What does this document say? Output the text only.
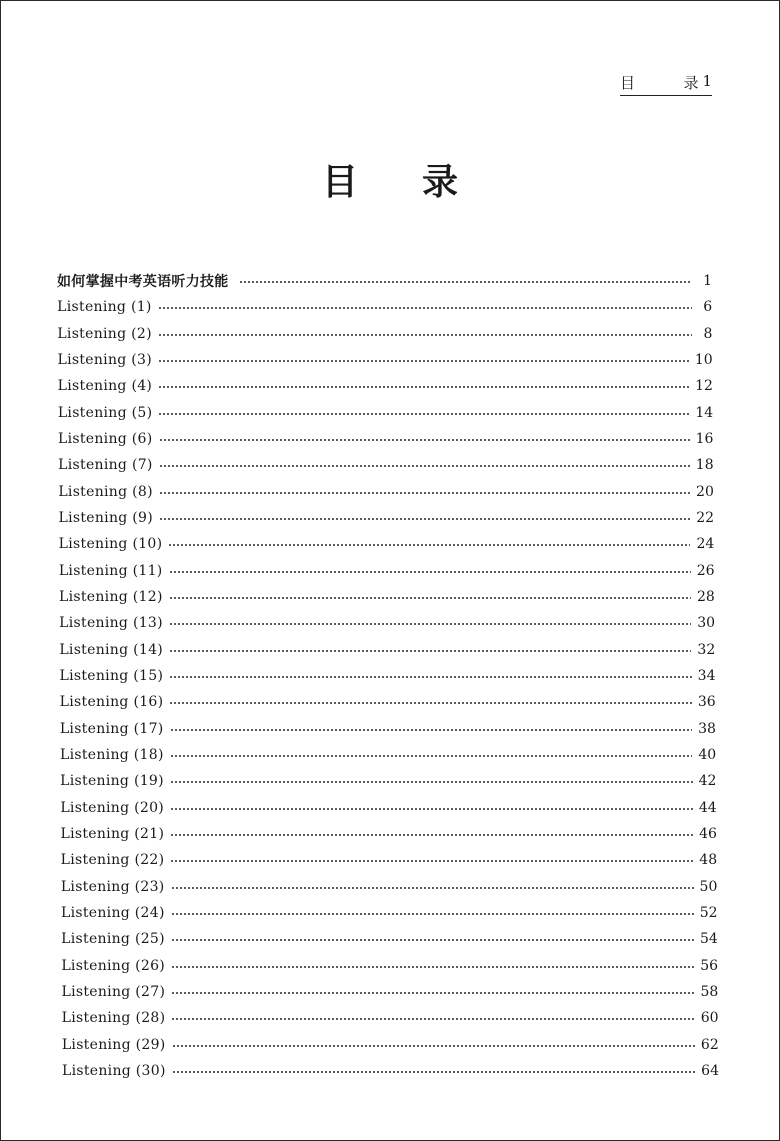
目	录 1
目录
如何掌握中考英语听力技能	1
Listening (1)	6
Listening (2)	8
Listening (3)	10
Listening (4)	12
Listening (5)	14
Listening (6)	16
Listening (7)	18
Listening (8)	20
Listening (9)	22
Listening (10)	24
Listening (11)	26
Listening (12)	28
Listening (13)	30
Listening (14)	32
Listening (15)	34
Listening (16)	36
Listening (17)	38
Listening (18)	40
Listening (19)	42
Listening (20)	44
Listening (21)	46
Listening (22)	48
Listening (23)	50
Listening (24)	52
Listening (25)	54
Listening (26)	56
Listening (27)	58
Listening (28)	60
Listening (29)	62
Listening (30)	64
